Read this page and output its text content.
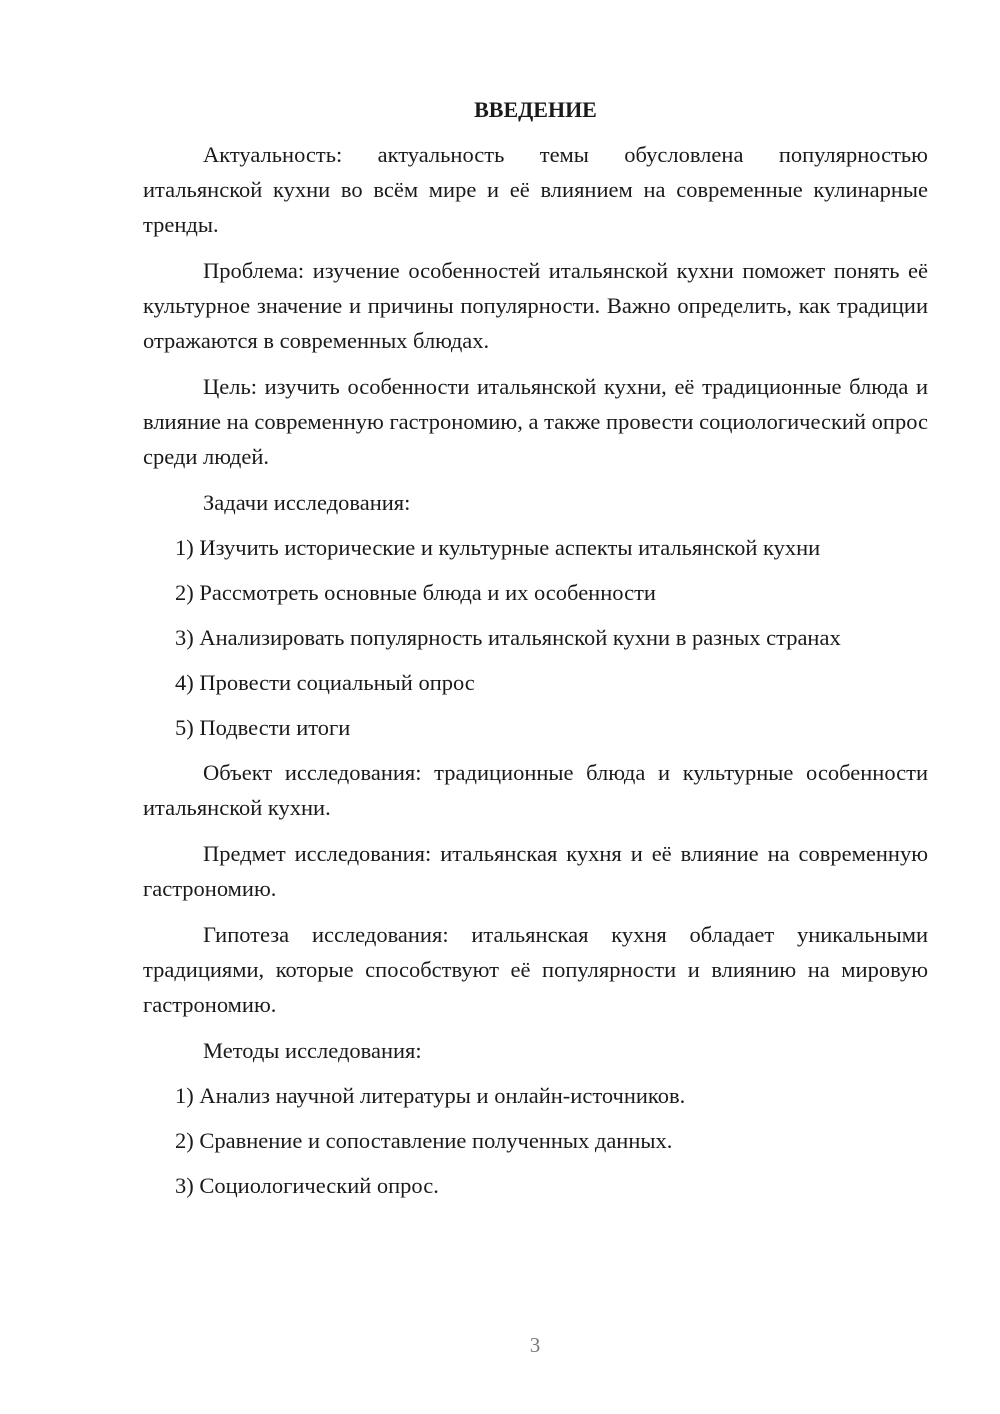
ВВЕДЕНИЕ

Актуальность: актуальность темы обусловлена популярностью итальянской кухни во всём мире и её влиянием на современные кулинарные тренды.

Проблема: изучение особенностей итальянской кухни поможет понять её культурное значение и причины популярности. Важно определить, как традиции отражаются в современных блюдах.

Цель: изучить особенности итальянской кухни, её традиционные блюда и влияние на современную гастрономию, а также провести социологический опрос среди людей.

Задачи исследования:

1) Изучить исторические и культурные аспекты итальянской кухни

2) Рассмотреть основные блюда и их особенности

3) Анализировать популярность итальянской кухни в разных странах

4) Провести социальный опрос

5) Подвести итоги

Объект исследования: традиционные блюда и культурные особенности итальянской кухни.

Предмет исследования: итальянская кухня и её влияние на современную гастрономию.

Гипотеза исследования: итальянская кухня обладает уникальными традициями, которые способствуют её популярности и влиянию на мировую гастрономию.

Методы исследования:

1) Анализ научной литературы и онлайн-источников.

2) Сравнение и сопоставление полученных данных.

3) Социологический опрос.

3
